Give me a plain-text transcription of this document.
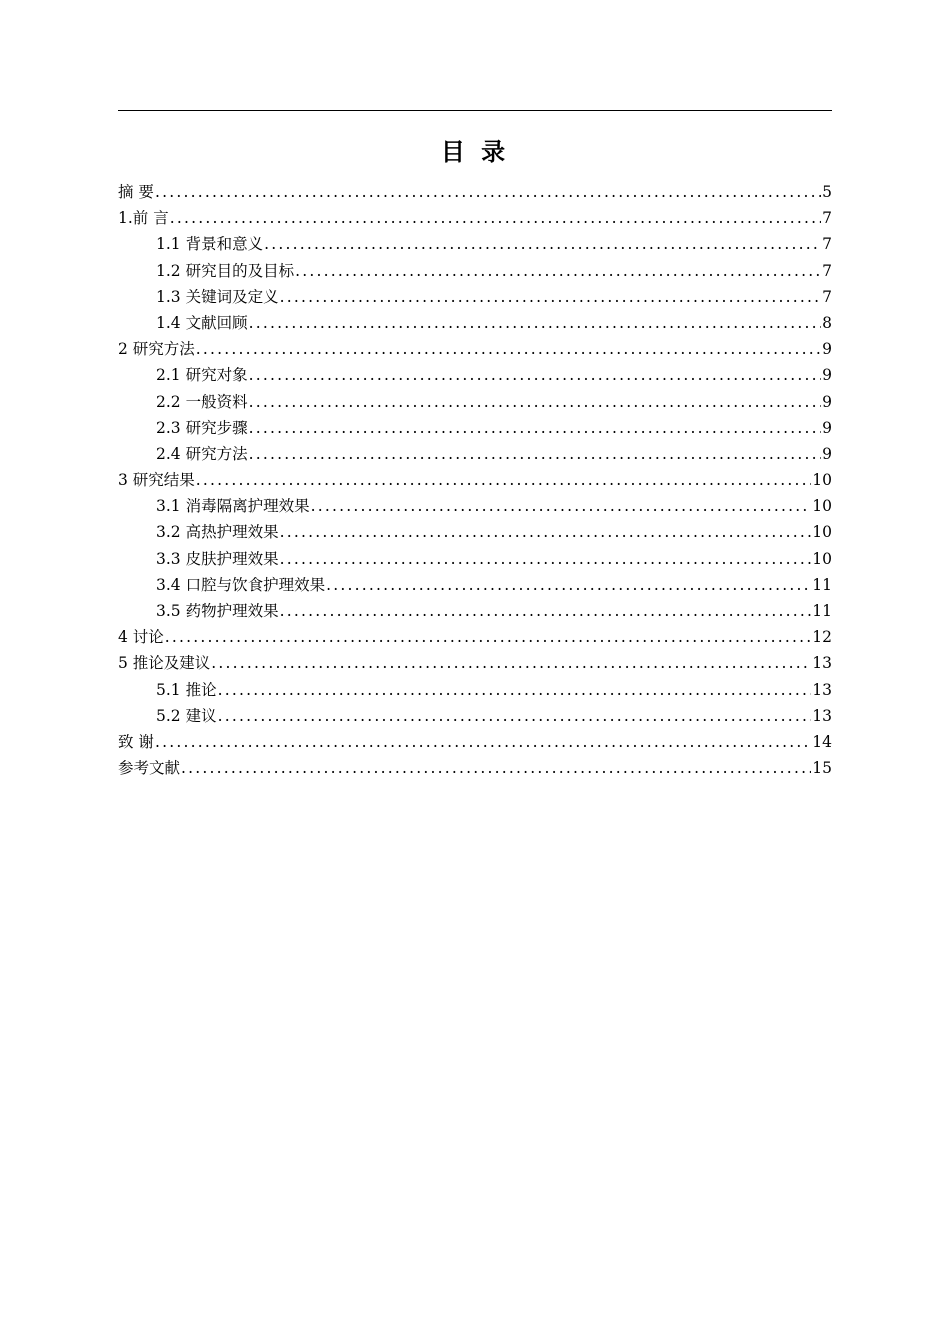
目 录
摘 要 .....	5
1.前 言 .....	7
1.1 背景和意义 .....	7
1.2 研究目的及目标 .....	7
1.3 关键词及定义 .....	7
1.4 文献回顾 .....	8
2 研究方法 .....	9
2.1 研究对象 .....	9
2.2 一般资料 .....	9
2.3 研究步骤 .....	9
2.4 研究方法 .....	9
3 研究结果 .....	10
3.1 消毒隔离护理效果 .....	10
3.2 高热护理效果 .....	10
3.3 皮肤护理效果 .....	10
3.4 口腔与饮食护理效果 .....	11
3.5 药物护理效果 .....	11
4 讨论 .....	12
5 推论及建议 .....	13
5.1 推论 .....	13
5.2 建议 .....	13
致 谢 .....	14
参考文献 .....	15
